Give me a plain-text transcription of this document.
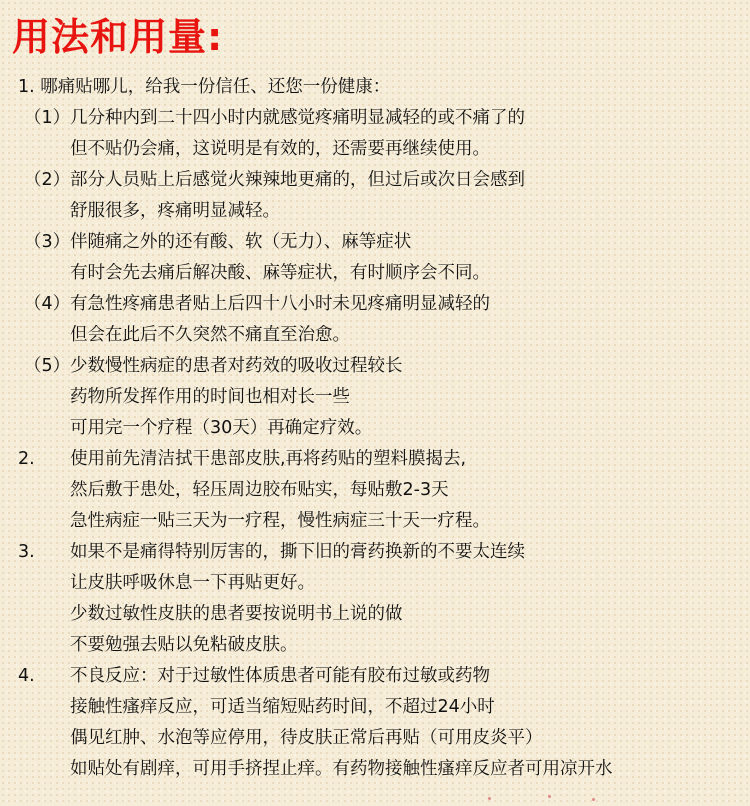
用法和用量:
1. 哪痛贴哪儿，给我一份信任、还您一份健康：
（1） 几分种内到二十四小时内就感觉疼痛明显减轻的或不痛了的
但不贴仍会痛，这说明是有效的，还需要再继续使用。
（2） 部分人员贴上后感觉火辣辣地更痛的，但过后或次日会感到
舒服很多，疼痛明显减轻。
（3） 伴随痛之外的还有酸、软（无力）、麻等症状
有时会先去痛后解决酸、麻等症状，有时顺序会不同。
（4） 有急性疼痛患者贴上后四十八小时未见疼痛明显减轻的
但会在此后不久突然不痛直至治愈。
（5） 少数慢性病症的患者对药效的吸收过程较长
药物所发挥作用的时间也相对长一些
可用完一个疗程（30天）再确定疗效。
2. 使用前先清洁拭干患部皮肤,再将药贴的塑料膜揭去,
然后敷于患处，轻压周边胶布贴实，每贴敷2-3天
急性病症一贴三天为一疗程，慢性病症三十天一疗程。
3. 如果不是痛得特别厉害的，撕下旧的膏药换新的不要太连续
让皮肤呼吸休息一下再贴更好。
少数过敏性皮肤的患者要按说明书上说的做
不要勉强去贴以免粘破皮肤。
4. 不良反应：对于过敏性体质患者可能有胶布过敏或药物
接触性瘙痒反应，可适当缩短贴药时间，不超过24小时
偶见红肿、水泡等应停用，待皮肤正常后再贴（可用皮炎平）
如贴处有剧痒，可用手挤捏止痒。有药物接触性瘙痒反应者可用凉开水
